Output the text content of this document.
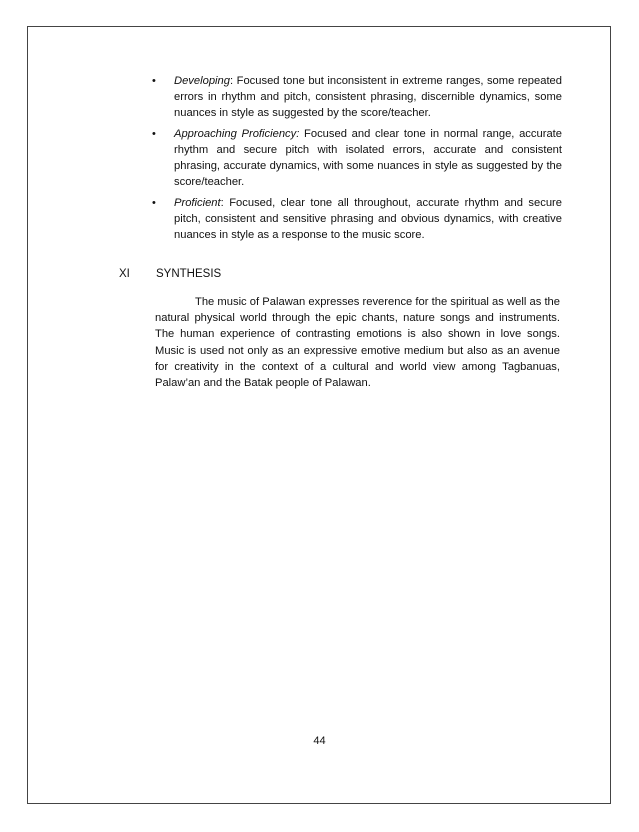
• Developing: Focused tone but inconsistent in extreme ranges, some repeated errors in rhythm and pitch, consistent phrasing, discernible dynamics, some nuances in style as suggested by the score/teacher.
• Approaching Proficiency: Focused and clear tone in normal range, accurate rhythm and secure pitch with isolated errors, accurate and consistent phrasing, accurate dynamics, with some nuances in style as suggested by the score/teacher.
• Proficient: Focused, clear tone all throughout, accurate rhythm and secure pitch, consistent and sensitive phrasing and obvious dynamics, with creative nuances in style as a response to the music score.
XI SYNTHESIS

The music of Palawan expresses reverence for the spiritual as well as the natural physical world through the epic chants, nature songs and instruments. The human experience of contrasting emotions is also shown in love songs. Music is used not only as an expressive emotive medium but also as an avenue for creativity in the context of a cultural and world view among Tagbanuas, Palaw’an and the Batak people of Palawan.

44
